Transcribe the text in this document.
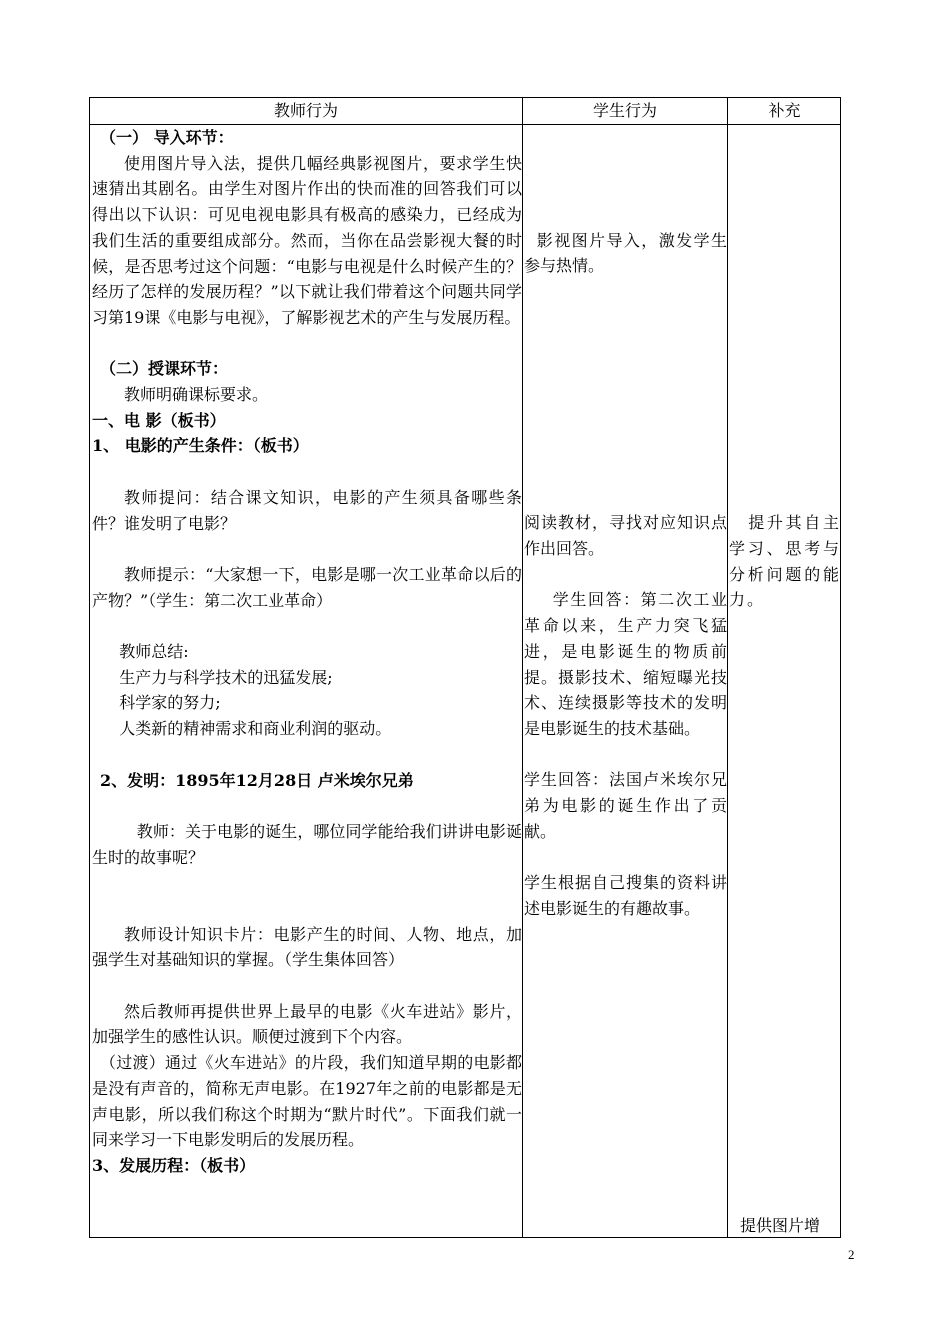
教师行为	学生行为	补充

（一） 导入环节：

使用图片导入法，提供几幅经典影视图片，要求学生快速猜出其剧名。由学生对图片作出的快而准的回答我们可以得出以下认识：可见电视电影具有极高的感染力，已经成为我们生活的重要组成部分。然而，当你在品尝影视大餐的时候，是否思考过这个问题：“电影与电视是什么时候产生的？经历了怎样的发展历程？”以下就让我们带着这个问题共同学习第19课《电影与电视》，了解影视艺术的产生与发展历程。

（二）授课环节：

教师明确课标要求。

一、电 影（板书）

1、 电影的产生条件：（板书）

教师提问：结合课文知识，电影的产生须具备哪些条件？谁发明了电影？

教师提示：“大家想一下，电影是哪一次工业革命以后的产物？”（学生：第二次工业革命）

教师总结:

生产力与科学技术的迅猛发展;

科学家的努力;

人类新的精神需求和商业利润的驱动。

2、发明：1895年12月28日 卢米埃尔兄弟

教师：关于电影的诞生，哪位同学能给我们讲讲电影诞生时的故事呢？

教师设计知识卡片：电影产生的时间、人物、地点，加强学生对基础知识的掌握。（学生集体回答）

然后教师再提供世界上最早的电影《火车进站》影片，加强学生的感性认识。顺便过渡到下个内容。

（过渡）通过《火车进站》的片段，我们知道早期的电影都是没有声音的，简称无声电影。在1927年之前的电影都是无声电影，所以我们称这个时期为“默片时代”。下面我们就一同来学习一下电影发明后的发展历程。

3、发展历程：（板书）

影视图片导入，激发学生参与热情。

阅读教材，寻找对应知识点作出回答。

学生回答：第二次工业革命以来，生产力突飞猛进，是电影诞生的物质前提。摄影技术、缩短曝光技术、连续摄影等技术的发明是电影诞生的技术基础。

学生回答：法国卢米埃尔兄弟为电影的诞生作出了贡献。

学生根据自己搜集的资料讲述电影诞生的有趣故事。

提升其自主学习、思考与分析问题的能力。

提供图片增
2
